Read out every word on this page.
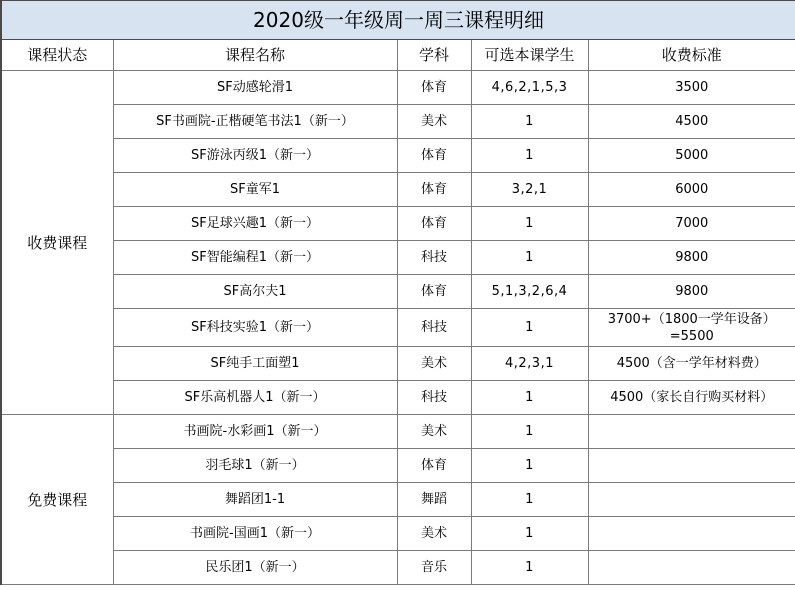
2020级一年级周一周三课程明细				
课程状态	课程名称	学科	可选本课学生	收费标准
收费课程	SF动感轮滑1	体育	4,6,2,1,5,3	3500
	SF书画院-正楷硬笔书法1（新一）	美术	1	4500
	SF游泳丙级1（新一）	体育	1	5000
	SF童军1	体育	3,2,1	6000
	SF足球兴趣1（新一）	体育	1	7000
	SF智能编程1（新一）	科技	1	9800
	SF高尔夫1	体育	5,1,3,2,6,4	9800
	SF科技实验1（新一）	科技	1	3700+（1800一学年设备）=5500
	SF纯手工面塑1	美术	4,2,3,1	4500（含一学年材料费）
	SF乐高机器人1（新一）	科技	1	4500（家长自行购买材料）
免费课程	书画院-水彩画1（新一）	美术	1	
	羽毛球1（新一）	体育	1	
	舞蹈团1-1	舞蹈	1	
	书画院-国画1（新一）	美术	1	
	民乐团1（新一）	音乐	1	
